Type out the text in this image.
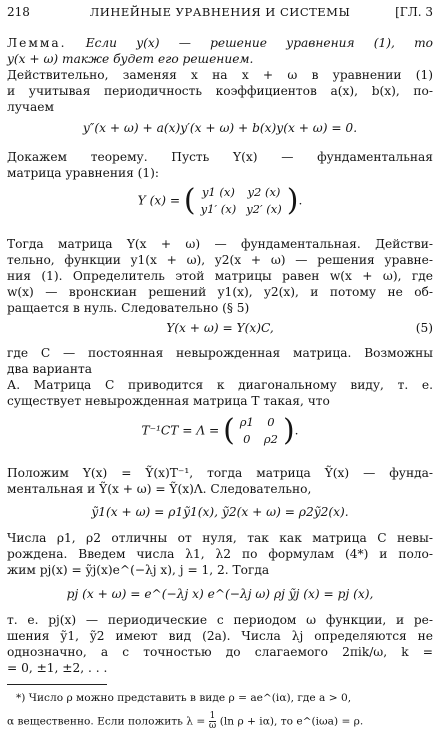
218	ЛИНЕЙНЫЕ УРАВНЕНИЯ И СИСТЕМЫ	[ГЛ. 3
Лемма. Если y(x) — решение уравнения (1), то
y(x + ω) также будет его решением.
Действительно, заменяя x на x + ω в уравнении (1)
и учитывая периодичность коэффициентов a(x), b(x), по-
лучаем
y″(x + ω) + a(x)y′(x + ω) + b(x)y(x + ω) = 0.
Докажем теорему. Пусть Y(x) — фундаментальная
матрица уравнения (1):
Y (x) = ( y1 (x)	y2 (x)
y1′ (x)	y2′ (x) ).
Тогда матрица Y(x + ω) — фундаментальная. Действи-
тельно, функции y1(x + ω), y2(x + ω) — решения уравне-
ния (1). Определитель этой матрицы равен w(x + ω), где
w(x) — вронскиан решений y1(x), y2(x), и потому не об-
ращается в нуль. Следовательно (§ 5)
Y(x + ω) = Y(x)C,	(5)
где C — постоянная невырожденная матрица. Возможны
два варианта
А. Матрица C приводится к диагональному виду, т. е.
существует невырожденная матрица T такая, что
T⁻¹CT = Λ = ( ρ1	0
0	ρ2 ).
Положим Y(x) = Ỹ(x)T⁻¹, тогда матрица Ỹ(x) — фунда-
ментальная и Ỹ(x + ω) = Ỹ(x)Λ. Следовательно,
ỹ1(x + ω) = ρ1ỹ1(x), ỹ2(x + ω) = ρ2ỹ2(x).
Числа ρ1, ρ2 отличны от нуля, так как матрица C невы-
рождена. Введем числа λ1, λ2 по формулам (4*) и поло-
жим pj(x) = ỹj(x)e^(−λj x), j = 1, 2. Тогда
pj (x + ω) = e^(−λj x) e^(−λj ω) ρj ỹj (x) = pj (x),
т. е. pj(x) — периодические с периодом ω функции, и ре-
шения ỹ1, ỹ2 имеют вид (2а). Числа λj определяются не
однозначно, а с точностью до слагаемого 2πik/ω, k =
= 0, ±1, ±2, . . .
*) Число ρ можно представить в виде ρ = ae^(iα), где a > 0,
α вещественно. Если положить $\lambda = \frac{1}{\omega} (\ln$ ρ + iα), то e^(iωa) = ρ.
